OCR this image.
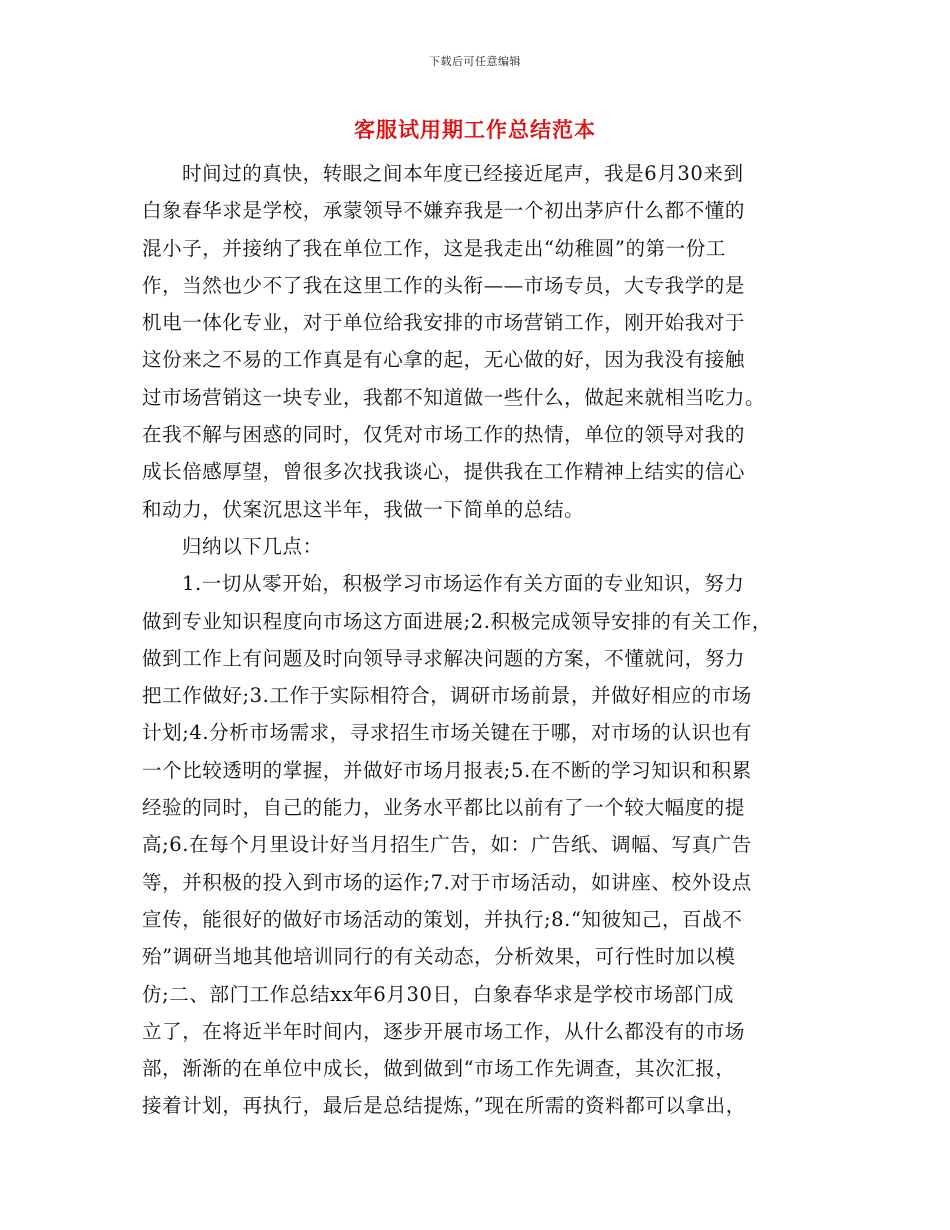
下载后可任意编辑
客服试用期工作总结范本
时间过的真快，转眼之间本年度已经接近尾声，我是6月30来到
白象春华求是学校，承蒙领导不嫌弃我是一个初出茅庐什么都不懂的
混小子，并接纳了我在单位工作，这是我走出“幼稚圆”的第一份工
作，当然也少不了我在这里工作的头衔——市场专员，大专我学的是
机电一体化专业，对于单位给我安排的市场营销工作，刚开始我对于
这份来之不易的工作真是有心拿的起，无心做的好，因为我没有接触
过市场营销这一块专业，我都不知道做一些什么，做起来就相当吃力。
在我不解与困惑的同时，仅凭对市场工作的热情，单位的领导对我的
成长倍感厚望，曾很多次找我谈心，提供我在工作精神上结实的信心
和动力，伏案沉思这半年，我做一下简单的总结。
归纳以下几点：
1.一切从零开始，积极学习市场运作有关方面的专业知识，努力
做到专业知识程度向市场这方面进展;2.积极完成领导安排的有关工作，
做到工作上有问题及时向领导寻求解决问题的方案，不懂就问，努力
把工作做好;3.工作于实际相符合，调研市场前景，并做好相应的市场
计划;4.分析市场需求，寻求招生市场关键在于哪，对市场的认识也有
一个比较透明的掌握，并做好市场月报表;5.在不断的学习知识和积累
经验的同时，自己的能力，业务水平都比以前有了一个较大幅度的提
高;6.在每个月里设计好当月招生广告，如：广告纸、调幅、写真广告
等，并积极的投入到市场的运作;7.对于市场活动，如讲座、校外设点
宣传，能很好的做好市场活动的策划，并执行;8.“知彼知己，百战不
殆”调研当地其他培训同行的有关动态，分析效果，可行性时加以模
仿;二、部门工作总结xx年6月30日，白象春华求是学校市场部门成
立了，在将近半年时间内，逐步开展市场工作，从什么都没有的市场
部，渐渐的在单位中成长，做到做到“市场工作先调查，其次汇报，
接着计划，再执行，最后是总结提炼，”现在所需的资料都可以拿出，
